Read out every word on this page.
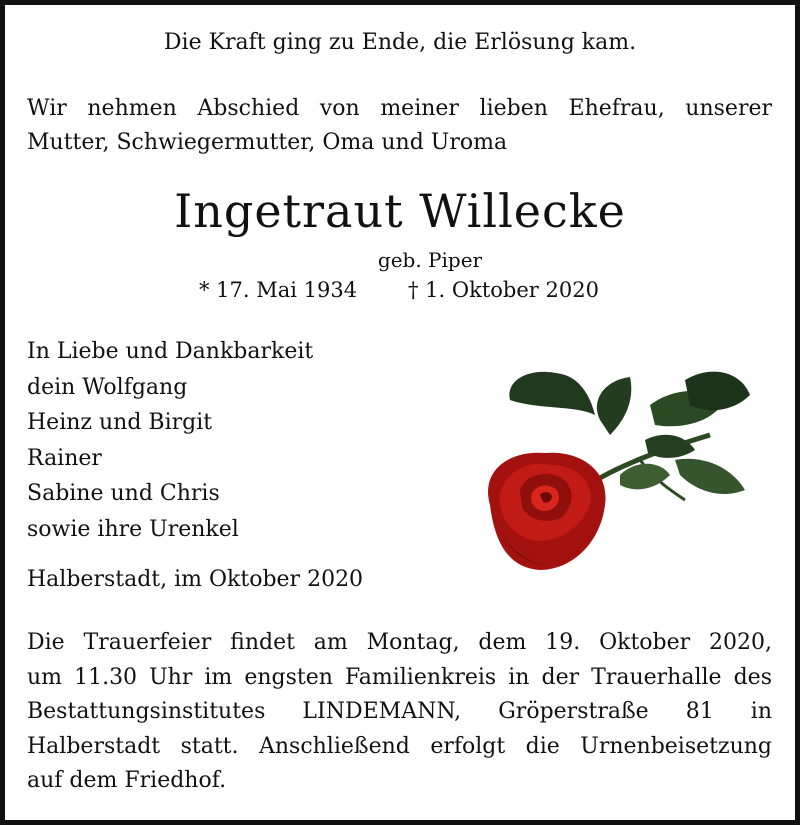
Die Kraft ging zu Ende, die Erlösung kam.
Wir nehmen Abschied von meiner lieben Ehefrau, unserer
Mutter, Schwiegermutter, Oma und Uroma
Ingetraut Willecke
geb. Piper
* 17. Mai 1934 † 1. Oktober 2020
In Liebe und Dankbarkeit
dein Wolfgang
Heinz und Birgit
Rainer
Sabine und Chris
sowie ihre Urenkel
Halberstadt, im Oktober 2020
Die Trauerfeier findet am Montag, dem 19. Oktober 2020,
um 11.30 Uhr im engsten Familienkreis in der Trauerhalle des
Bestattungsinstitutes LINDEMANN, Gröperstraße 81 in
Halberstadt statt. Anschließend erfolgt die Urnenbeisetzung
auf dem Friedhof.
